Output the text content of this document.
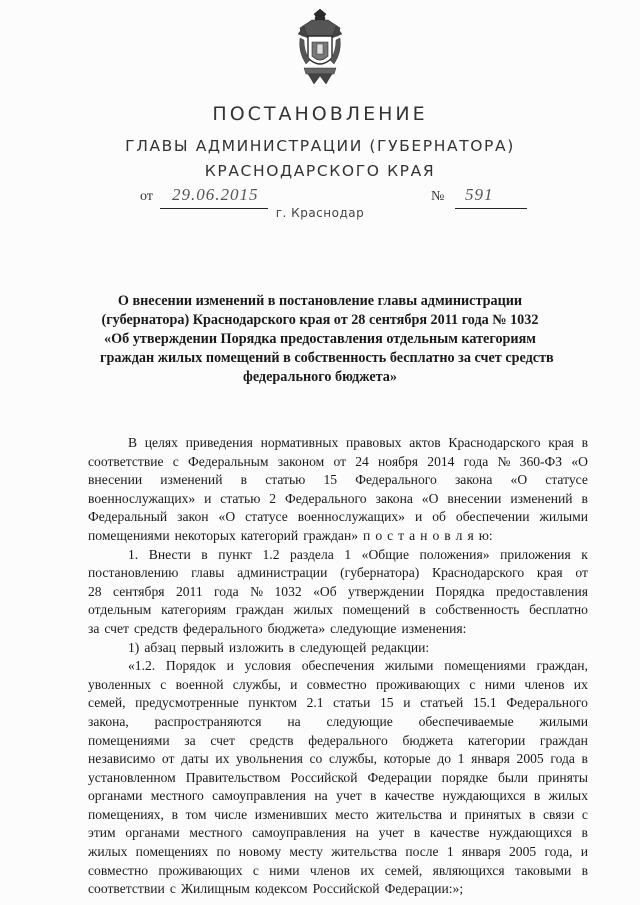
ПОСТАНОВЛЕНИЕ
ГЛАВЫ АДМИНИСТРАЦИИ (ГУБЕРНАТОРА)
КРАСНОДАРСКОГО КРАЯ
от 29.06.2015	№ 591
г. Краснодар
О внесении изменений в постановление главы администрации
(губернатора) Краснодарского края от 28 сентября 2011 года № 1032
«Об утверждении Порядка предоставления отдельным категориям
граждан жилых помещений в собственность бесплатно за счет средств
федерального бюджета»
В целях приведения нормативных правовых актов Краснодарского края в
соответствие с Федеральным законом от 24 ноября 2014 года № 360-ФЗ «О
внесении изменений в статью 15 Федерального закона «О статусе
военнослужащих» и статью 2 Федерального закона «О внесении изменений в
Федеральный закон «О статусе военнослужащих» и об обеспечении жилыми
помещениями некоторых категорий граждан» п о с т а н о в л я ю:
1. Внести в пункт 1.2 раздела 1 «Общие положения» приложения к
постановлению главы администрации (губернатора) Краснодарского края от
28 сентября 2011 года № 1032 «Об утверждении Порядка предоставления
отдельным категориям граждан жилых помещений в собственность бесплатно
за счет средств федерального бюджета» следующие изменения:
1) абзац первый изложить в следующей редакции:
«1.2. Порядок и условия обеспечения жилыми помещениями граждан,
уволенных с военной службы, и совместно проживающих с ними членов их
семей, предусмотренные пунктом 2.1 статьи 15 и статьей 15.1 Федерального
закона, распространяются на следующие обеспечиваемые жилыми
помещениями за счет средств федерального бюджета категории граждан
независимо от даты их увольнения со службы, которые до 1 января 2005 года в
установленном Правительством Российской Федерации порядке были приняты
органами местного самоуправления на учет в качестве нуждающихся в жилых
помещениях, в том числе изменивших место жительства и принятых в связи с
этим органами местного самоуправления на учет в качестве нуждающихся в
жилых помещениях по новому месту жительства после 1 января 2005 года, и
совместно проживающих с ними членов их семей, являющихся таковыми в
соответствии с Жилищным кодексом Российской Федерации:»;
